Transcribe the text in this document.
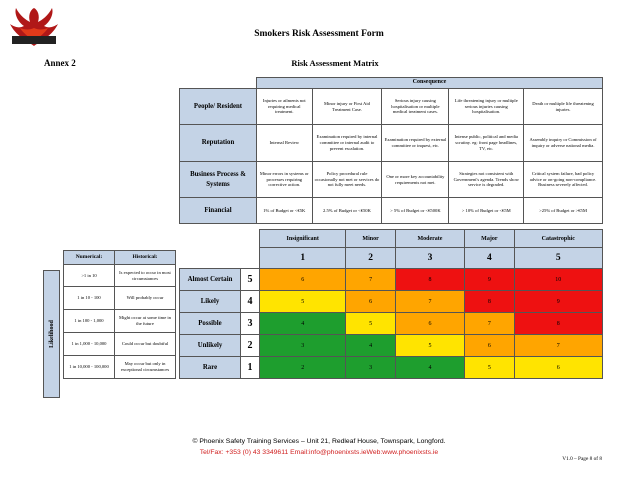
Smokers Risk Assessment Form
Annex 2	Risk Assessment Matrix
	Consequence				
People/ Resident	Injuries or ailments not requiring medical treatment.	Minor injury or First Aid Treatment Case.	Serious injury causing hospitalisation or multiple medical treatment cases.	Life threatening injury or multiple serious injuries causing hospitalisation.	Death or multiple life threatening injuries.
Reputation	Internal Review	Examination required by internal committee or internal audit to prevent escalation.	Examination required by external committee or inquest, etc.	Intense public, political and media scrutiny. eg: front page headlines, TV, etc.	Assembly inquiry or Commission of inquiry or adverse national media.
Business Process & Systems	Minor errors in systems or processes requiring corrective action.	Policy procedural rule occasionally not met or services do not fully meet needs.	One or more key accountability requirements not met.	Strategies not consistent with Government's agenda. Trends show service is degraded.	Critical system failure, bad policy advice or on-going non-compliance. Business severely affected.
Financial	1% of Budget or <€5K	2.5% of Budget or <€50K	> 5% of Budget or <€500K	> 10% of Budget or <€5M	>25% of Budget or >€5M
		Insignificant	Minor	Moderate	Major	Catastrophic
		1	2	3	4	5
Almost Certain	5	6	7	8	9	10
Likely	4	5	6	7	8	9
Possible	3	4	5	6	7	8
Unlikely	2	3	4	5	6	7
Rare	1	2	3	4	5	6
Likelihood
Numerical:	Historical:
>1 in 10	Is expected to occur in most circumstances
1 in 10 - 100	Will probably occur
1 in 100 - 1,000	Might occur at some time in the future
1 in 1,000 - 10,000	Could occur but doubtful
1 in 10,000 - 100,000	May occur but only in exceptional circumstances
© Phoenix Safety Training Services – Unit 21, Redleaf House, Townspark, Longford.
Tel/Fax: +353 (0) 43 3349611 Email:info@phoenixsts.ieWeb:www.phoenixsts.ie
V1.0 – Page 8 of 8
